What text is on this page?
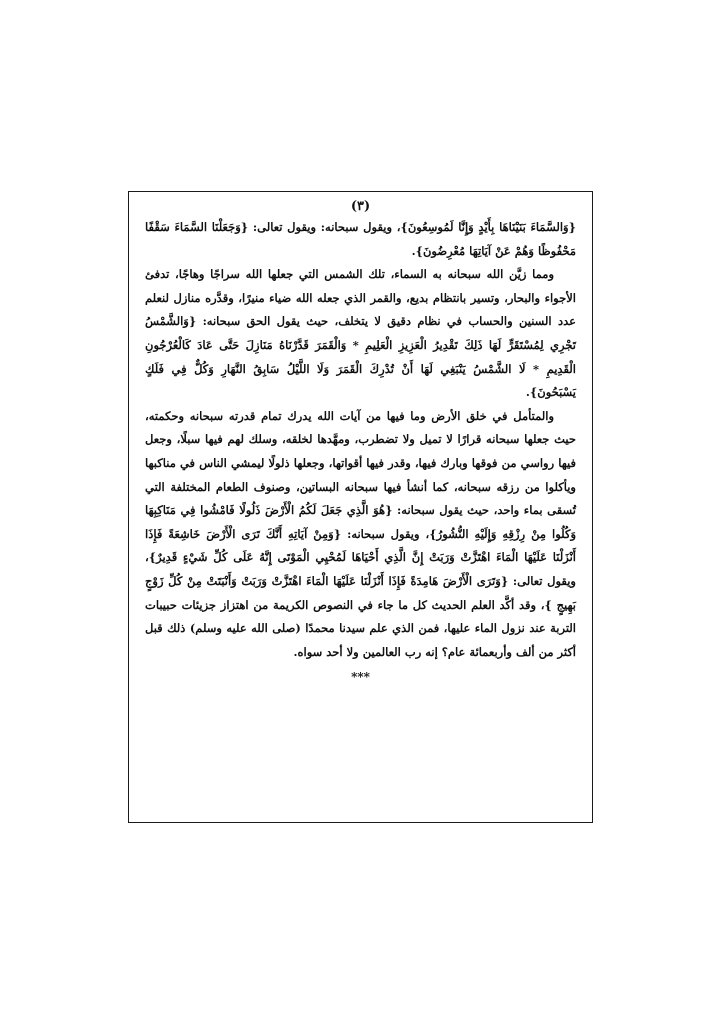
(٣)

{وَالسَّمَاءَ بَنَيْنَاهَا بِأَيْدٍ وَإِنَّا لَمُوسِعُونَ}، ويقول سبحانه: ويقول تعالى: {وَجَعَلْنَا السَّمَاءَ سَقْفًا مَحْفُوظًا وَهُمْ عَنْ آيَاتِهَا مُعْرِضُونَ}.

ومما زيَّن الله سبحانه به السماء، تلك الشمس التي جعلها الله سراجًا وهاجًا، تدفئ الأجواء والبحار، وتسير بانتظام بديع، والقمر الذي جعله الله ضياء منيرًا، وقدَّره منازل لنعلم عدد السنين والحساب في نظام دقيق لا يتخلف، حيث يقول الحق سبحانه: {وَالشَّمْسُ تَجْرِي لِمُسْتَقَرٍّ لَهَا ذَلِكَ تَقْدِيرُ الْعَزِيزِ الْعَلِيمِ * وَالْقَمَرَ قَدَّرْنَاهُ مَنَازِلَ حَتَّى عَادَ كَالْعُرْجُونِ الْقَدِيمِ * لَا الشَّمْسُ يَنْبَغِي لَهَا أَنْ تُدْرِكَ الْقَمَرَ وَلَا اللَّيْلُ سَابِقُ النَّهَارِ وَكُلٌّ فِي فَلَكٍ يَسْبَحُونَ}.

والمتأمل في خلق الأرض وما فيها من آيات الله يدرك تمام قدرته سبحانه وحكمته، حيث جعلها سبحانه قرارًا لا تميل ولا تضطرب، ومهَّدها لخلقه، وسلك لهم فيها سبلًا، وجعل فيها رواسي من فوقها وبارك فيها، وقدر فيها أقواتها، وجعلها ذلولًا ليمشي الناس في مناكبها ويأكلوا من رزقه سبحانه، كما أنشأ فيها سبحانه البساتين، وصنوف الطعام المختلفة التي تُسقى بماء واحد، حيث يقول سبحانه: {هُوَ الَّذِي جَعَلَ لَكُمُ الْأَرْضَ ذَلُولًا فَامْشُوا فِي مَنَاكِبِهَا وَكُلُوا مِنْ رِزْقِهِ وَإِلَيْهِ النُّشُورُ}، ويقول سبحانه: {وَمِنْ آيَاتِهِ أَنَّكَ تَرَى الْأَرْضَ خَاشِعَةً فَإِذَا أَنْزَلْنَا عَلَيْهَا الْمَاءَ اهْتَزَّتْ وَرَبَتْ إِنَّ الَّذِي أَحْيَاهَا لَمُحْيِي الْمَوْتَى إِنَّهُ عَلَى كُلِّ شَيْءٍ قَدِيرٌ}، ويقول تعالى: {وَتَرَى الْأَرْضَ هَامِدَةً فَإِذَا أَنْزَلْنَا عَلَيْهَا الْمَاءَ اهْتَزَّتْ وَرَبَتْ وَأَنْبَتَتْ مِنْ كُلِّ زَوْجٍ بَهِيجٍ }، وقد أكَّد العلم الحديث كل ما جاء في النصوص الكريمة من اهتزاز جزيئات حبيبات التربة عند نزول الماء عليها، فمن الذي علم سيدنا محمدًا (صلى الله عليه وسلم) ذلك قبل أكثر من ألف وأربعمائة عام؟ إنه رب العالمين ولا أحد سواه.

***
